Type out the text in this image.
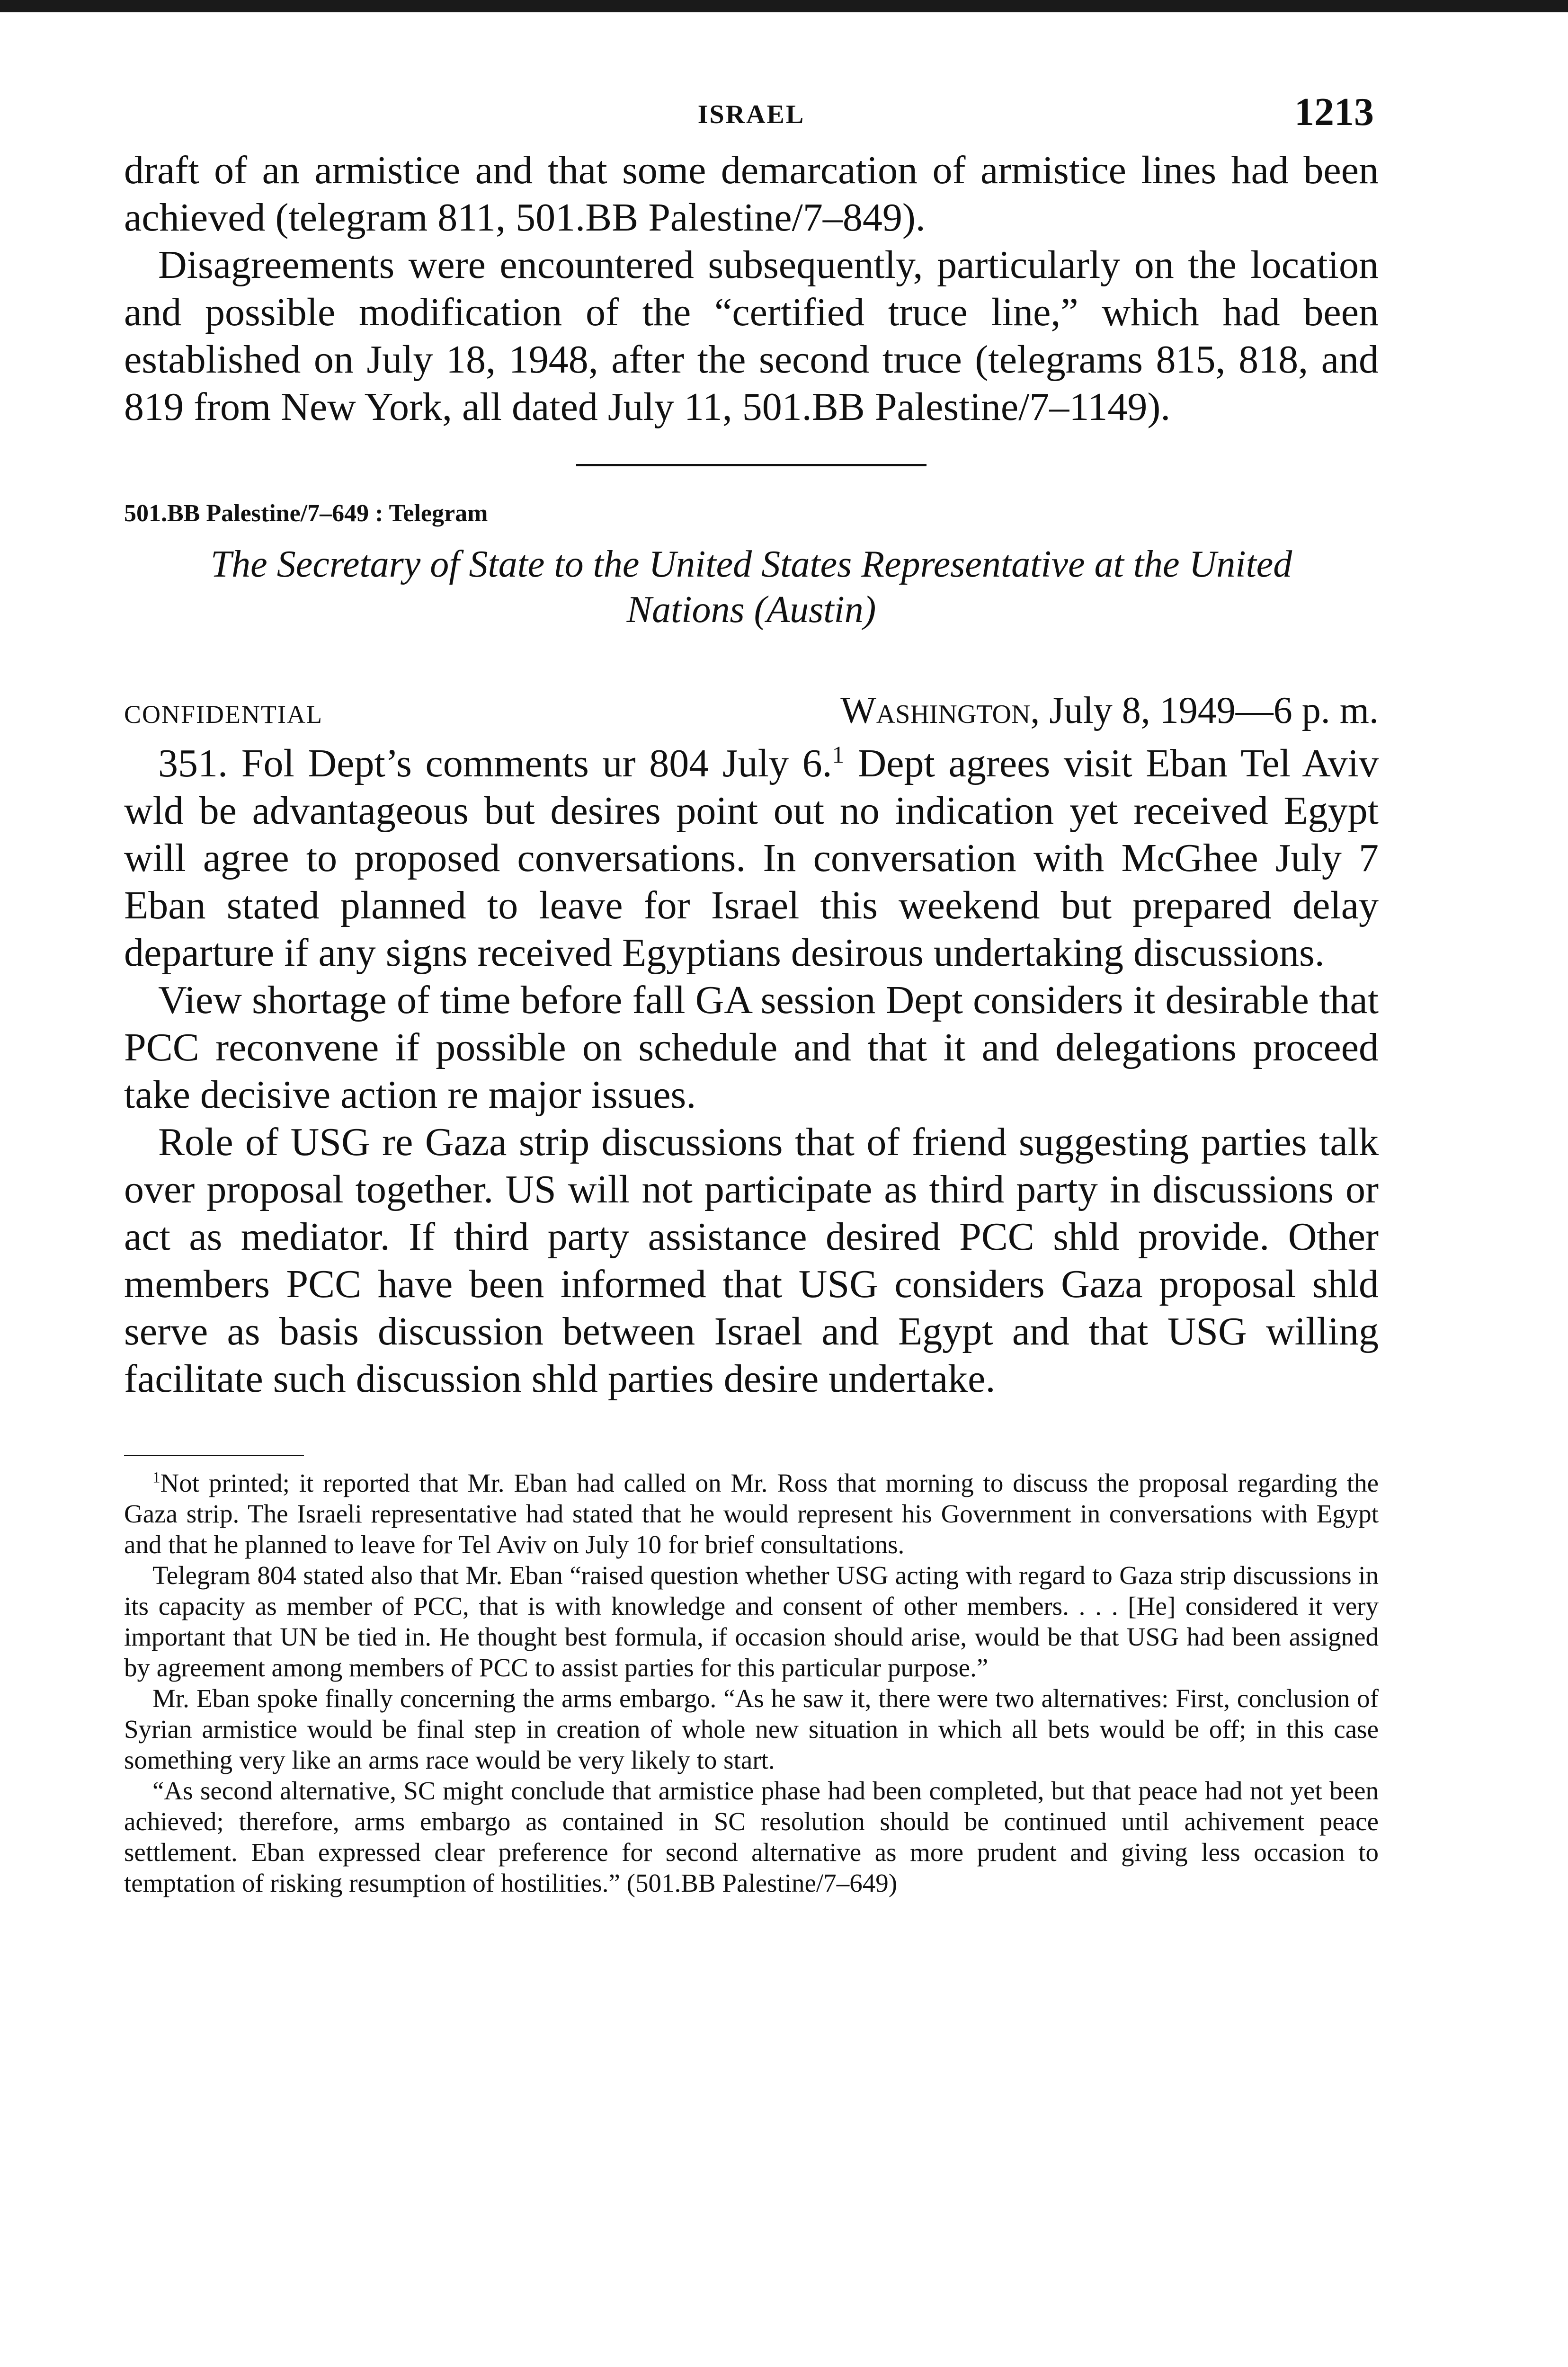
ISRAEL	1213

draft of an armistice and that some demarcation of armistice lines had been achieved (telegram 811, 501.BB Palestine/7–849).

Disagreements were encountered subsequently, particularly on the location and possible modification of the “certified truce line,” which had been established on July 18, 1948, after the second truce (telegrams 815, 818, and 819 from New York, all dated July 11, 501.BB Palestine/7–1149).

501.BB Palestine/7–649 : Telegram
The Secretary of State to the United States Representative at the United Nations (Austin)
CONFIDENTIAL	Washington, July 8, 1949—6 p. m.

351. Fol Dept’s comments ur 804 July 6.$^1$ Dept agrees visit Eban Tel Aviv wld be advantageous but desires point out no indication yet received Egypt will agree to proposed conversations. In conversation with McGhee July 7 Eban stated planned to leave for Israel this weekend but prepared delay departure if any signs received Egyptians desirous undertaking discussions.

View shortage of time before fall GA session Dept considers it desirable that PCC reconvene if possible on schedule and that it and delegations proceed take decisive action re major issues.

Role of USG re Gaza strip discussions that of friend suggesting parties talk over proposal together. US will not participate as third party in discussions or act as mediator. If third party assistance desired PCC shld provide. Other members PCC have been informed that USG considers Gaza proposal shld serve as basis discussion between Israel and Egypt and that USG willing facilitate such discussion shld parties desire undertake.

$^1$Not printed; it reported that Mr. Eban had called on Mr. Ross that morning to discuss the proposal regarding the Gaza strip. The Israeli representative had stated that he would represent his Government in conversations with Egypt and that he planned to leave for Tel Aviv on July 10 for brief consultations.

Telegram 804 stated also that Mr. Eban “raised question whether USG acting with regard to Gaza strip discussions in its capacity as member of PCC, that is with knowledge and consent of other members. . . . [He] considered it very important that UN be tied in. He thought best formula, if occasion should arise, would be that USG had been assigned by agreement among members of PCC to assist parties for this particular purpose.”

Mr. Eban spoke finally concerning the arms embargo. “As he saw it, there were two alternatives: First, conclusion of Syrian armistice would be final step in creation of whole new situation in which all bets would be off; in this case something very like an arms race would be very likely to start.

“As second alternative, SC might conclude that armistice phase had been completed, but that peace had not yet been achieved; therefore, arms embargo as contained in SC resolution should be continued until achivement peace settlement. Eban expressed clear preference for second alternative as more prudent and giving less occasion to temptation of risking resumption of hostilities.” (501.BB Palestine/7–649)
